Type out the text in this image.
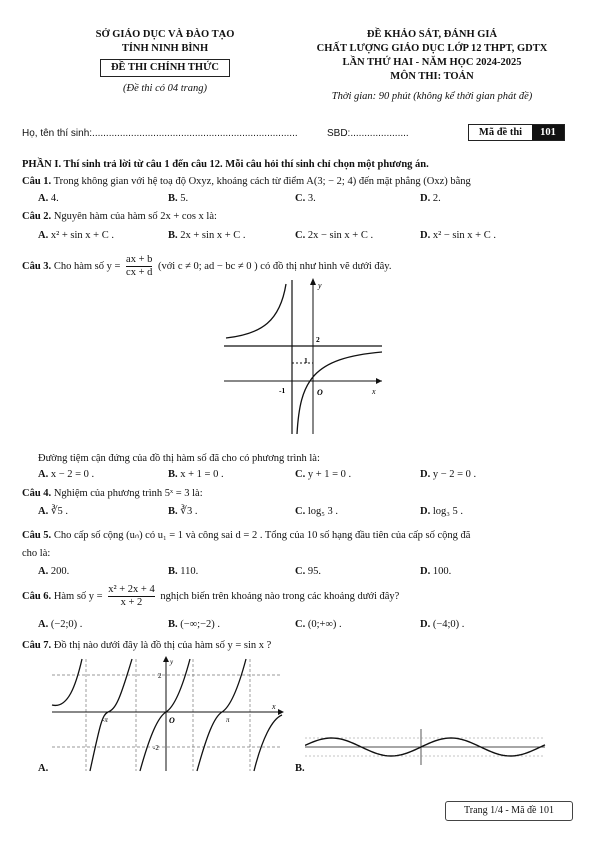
SỞ GIÁO DỤC VÀ ĐÀO TẠO
TỈNH NINH BÌNH
ĐỀ THI CHÍNH THỨC
(Đề thi có 04 trang)
ĐỀ KHẢO SÁT, ĐÁNH GIÁ
CHẤT LƯỢNG GIÁO DỤC LỚP 12 THPT, GDTX
LẦN THỨ HAI - NĂM HỌC 2024-2025
MÔN THI: TOÁN
Thời gian: 90 phút (không kể thời gian phát đề)
Họ, tên thí sinh:..........................................................................	SBD:.....................	Mã đề thi	101
PHẦN I. Thí sinh trả lời từ câu 1 đến câu 12. Mỗi câu hỏi thí sinh chỉ chọn một phương án.
Câu 1. Trong không gian với hệ toạ độ Oxyz, khoảng cách từ điểm A(3; − 2; 4) đến mặt phẳng (Oxz) bằng
A. 4.	B. 5.	C. 3.	D. 2.
Câu 2. Nguyên hàm của hàm số 2x + cos x là:
A. x² + sin x + C .	B. 2x + sin x + C .	C. 2x − sin x + C .	D. x² − sin x + C .
Câu 3. Cho hàm số $y = \frac{ax + b}{cx + d}$ (với c ≠ 0; ad − bc ≠ 0 ) có đồ thị như hình vẽ dưới đây.
y
x
O
2
1
-1
Đường tiệm cận đứng của đồ thị hàm số đã cho có phương trình là:
A. x − 2 = 0 .	B. x + 1 = 0 .	C. y + 1 = 0 .	D. y − 2 = 0 .
Câu 4. Nghiệm của phương trình 5ˣ = 3 là:
A. ∛5 .	B. ∛3 .	C. log₅ 3 .	D. log₃ 5 .
Câu 5. Cho cấp số cộng (uₙ) có u₁ = 1 và công sai d = 2 . Tổng của 10 số hạng đầu tiên của cấp số cộng đã
cho là:
A. 200.	B. 110.	C. 95.	D. 100.
Câu 6. Hàm số $y = \frac{\text{x² + 2x + 4}}{x + 2}$ nghịch biến trên khoảng nào trong các khoảng dưới đây?
A. (−2;0) .	B. (−∞;−2) .	C. (0;+∞) .	D. (−4;0) .
Câu 7. Đồ thị nào dưới đây là đồ thị của hàm số y = sin x ?
y
x
O
2
-2
-π	π
A.	B.
Trang 1/4 - Mã đề 101
